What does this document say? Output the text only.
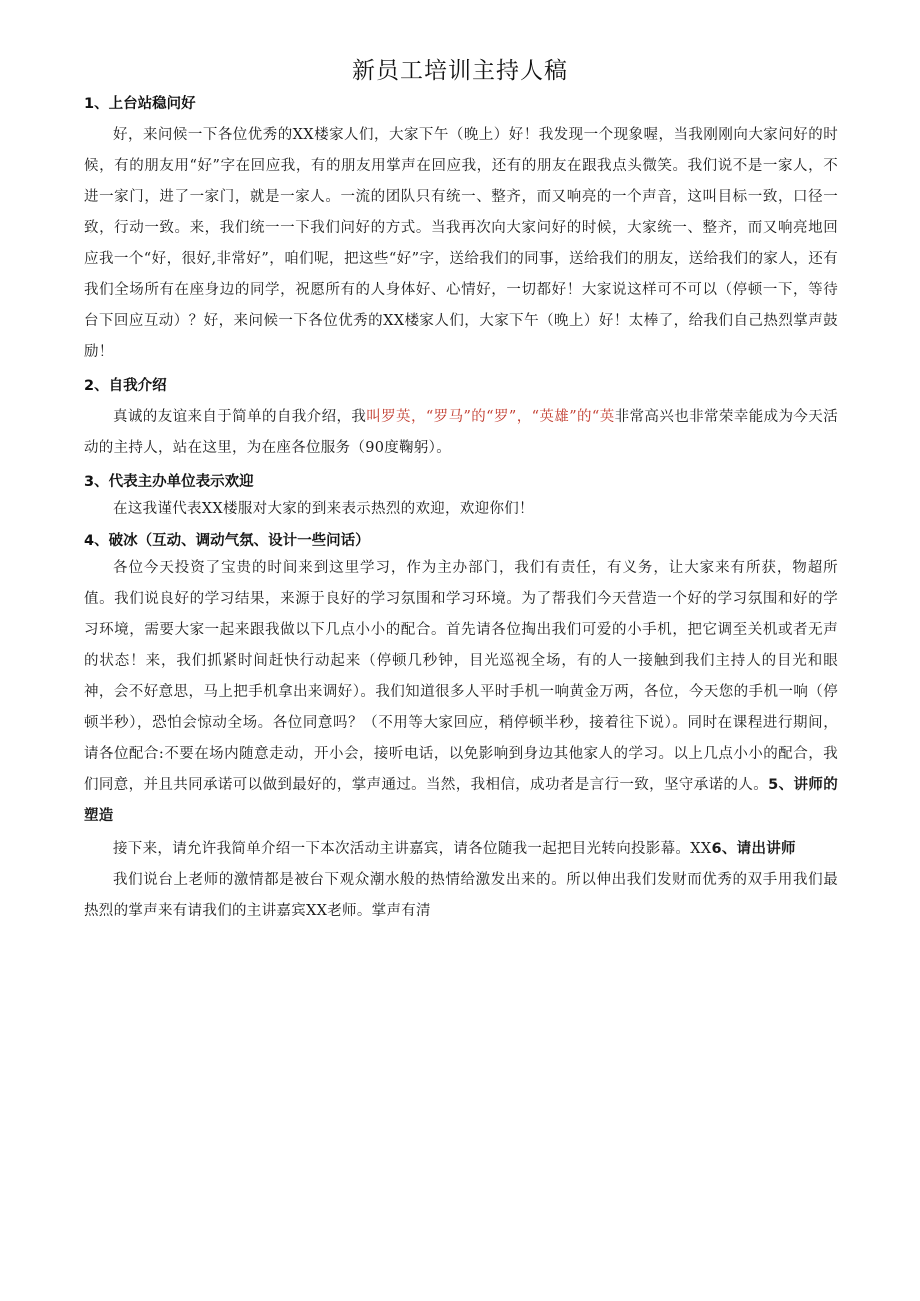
新员工培训主持人稿

1、上台站稳问好

好，来问候一下各位优秀的XX楼家人们，大家下午（晚上）好！我发现一个现象喔，当我刚刚向大家问好的时候，有的朋友用“好”字在回应我，有的朋友用掌声在回应我，还有的朋友在跟我点头微笑。我们说不是一家人，不进一家门，进了一家门，就是一家人。一流的团队只有统一、整齐，而又响亮的一个声音，这叫目标一致，口径一致，行动一致。来，我们统一一下我们问好的方式。当我再次向大家问好的时候，大家统一、整齐，而又响亮地回应我一个“好，很好,非常好”，咱们呢，把这些“好”字，送给我们的同事，送给我们的朋友，送给我们的家人，还有我们全场所有在座身边的同学，祝愿所有的人身体好、心情好，一切都好！大家说这样可不可以（停顿一下，等待台下回应互动）？好，来问候一下各位优秀的XX楼家人们，大家下午（晚上）好！太棒了，给我们自己热烈掌声鼓励！

2、自我介绍

真诚的友谊来自于简单的自我介绍，我叫罗英，“罗马”的“罗”，“英雄”的“英非常高兴也非常荣幸能成为今天活动的主持人，站在这里，为在座各位服务（90度鞠躬）。

3、代表主办单位表示欢迎

在这我谨代表XX楼服对大家的到来表示热烈的欢迎，欢迎你们！

4、破冰（互动、调动气氛、设计一些问话）

各位今天投资了宝贵的时间来到这里学习，作为主办部门，我们有责任，有义务，让大家来有所获，物超所值。我们说良好的学习结果，来源于良好的学习氛围和学习环境。为了帮我们今天营造一个好的学习氛围和好的学习环境，需要大家一起来跟我做以下几点小小的配合。首先请各位掏出我们可爱的小手机，把它调至关机或者无声的状态！来，我们抓紧时间赶快行动起来（停顿几秒钟，目光巡视全场，有的人一接触到我们主持人的目光和眼神，会不好意思，马上把手机拿出来调好）。我们知道很多人平时手机一响黄金万两，各位，今天您的手机一响（停顿半秒），恐怕会惊动全场。各位同意吗？（不用等大家回应，稍停顿半秒，接着往下说）。同时在课程进行期间，请各位配合:不要在场内随意走动，开小会，接听电话，以免影响到身边其他家人的学习。以上几点小小的配合，我们同意，并且共同承诺可以做到最好的，掌声通过。当然，我相信，成功者是言行一致，坚守承诺的人。5、讲师的塑造

接下来，请允许我简单介绍一下本次活动主讲嘉宾，请各位随我一起把目光转向投影幕。XX6、请出讲师

我们说台上老师的激情都是被台下观众潮水般的热情给激发出来的。所以伸出我们发财而优秀的双手用我们最热烈的掌声来有请我们的主讲嘉宾XX老师。掌声有清
